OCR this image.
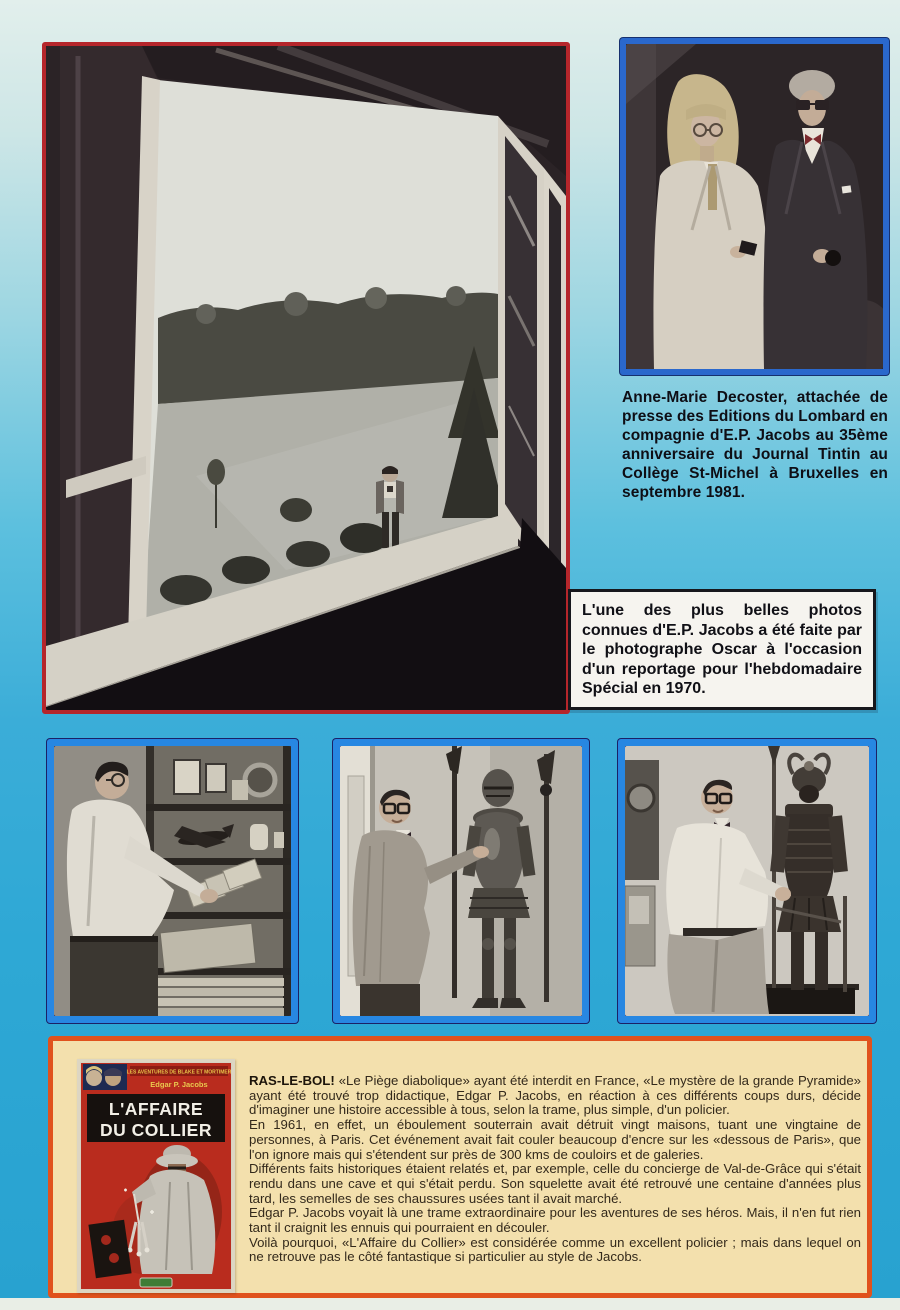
Anne-Marie Decoster, attachée de presse des Editions du Lombard en compagnie d'E.P. Jacobs au 35ème anniversaire du Journal Tintin au Collège St-Michel à Bruxelles en septembre 1981.

L'une des plus belles photos connues d'E.P. Jacobs a été faite par le photographe Oscar à l'occasion d'un reportage pour l'hebdomadaire Spécial en 1970.

LES AVENTURES DE BLAKE ET MORTIMER
Edgar P. Jacobs
L'AFFAIRE
DU COLLIER

RAS-LE-BOL! «Le Piège diabolique» ayant été interdit en France, «Le mystère de la grande Pyramide» ayant été trouvé trop didactique, Edgar P. Jacobs, en réaction à ces différents coups durs, décide d'imaginer une histoire accessible à tous, selon la trame, plus simple, d'un policier.

En 1961, en effet, un éboulement souterrain avait détruit vingt maisons, tuant une vingtaine de personnes, à Paris. Cet événement avait fait couler beaucoup d'encre sur les «dessous de Paris», que l'on ignore mais qui s'étendent sur près de 300 kms de couloirs et de galeries.

Différents faits historiques étaient relatés et, par exemple, celle du concierge de Val-de-Grâce qui s'était rendu dans une cave et qui s'était perdu. Son squelette avait été retrouvé une centaine d'années plus tard, les semelles de ses chaussures usées tant il avait marché.

Edgar P. Jacobs voyait là une trame extraordinaire pour les aventures de ses héros. Mais, il n'en fut rien tant il craignit les ennuis qui pourraient en découler.

Voilà pourquoi, «L'Affaire du Collier» est considérée comme un excellent policier ; mais dans lequel on ne retrouve pas le côté fantastique si particulier au style de Jacobs.
